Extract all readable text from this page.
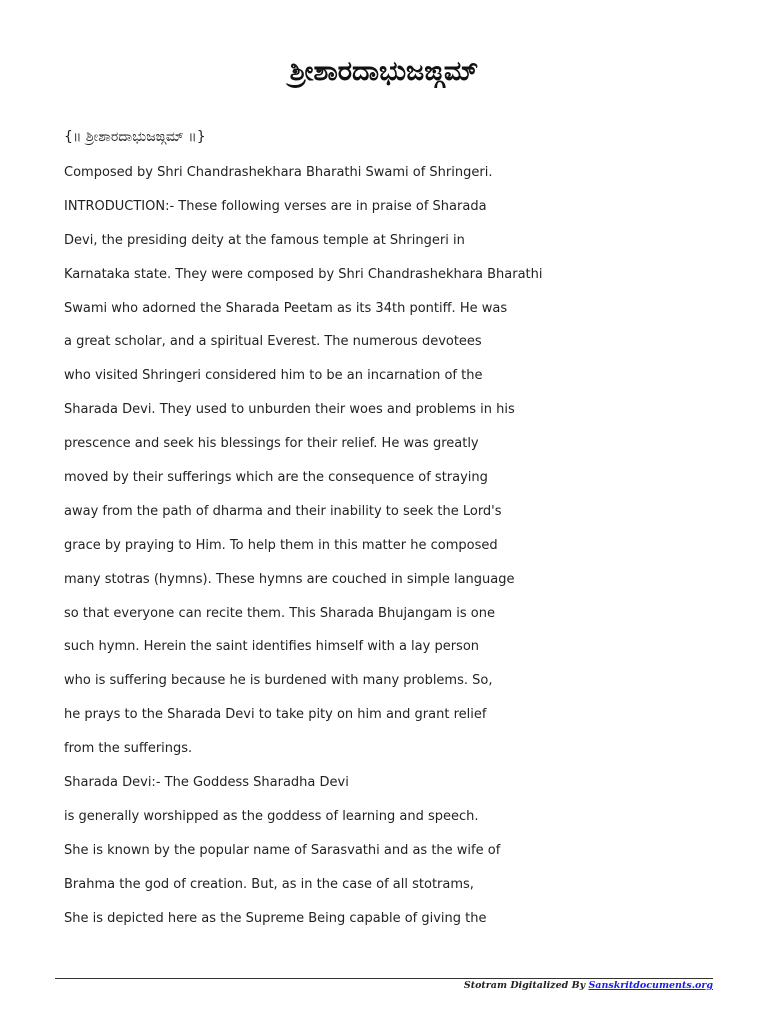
ಶ್ರೀಶಾರದಾಭುಜಙ್ಗಮ್
{॥ ಶ್ರೀಶಾರದಾಭುಜಙ್ಗಮ್ ॥}
Composed by Shri Chandrashekhara Bharathi Swami of Shringeri.
INTRODUCTION:- These following verses are in praise of Sharada
Devi, the presiding deity at the famous temple at Shringeri in
Karnataka state. They were composed by Shri Chandrashekhara Bharathi
Swami who adorned the Sharada Peetam as its 34th pontiff. He was
a great scholar, and a spiritual Everest. The numerous devotees
who visited Shringeri considered him to be an incarnation of the
Sharada Devi. They used to unburden their woes and problems in his
prescence and seek his blessings for their relief. He was greatly
moved by their sufferings which are the consequence of straying
away from the path of dharma and their inability to seek the Lord's
grace by praying to Him. To help them in this matter he composed
many stotras (hymns). These hymns are couched in simple language
so that everyone can recite them. This Sharada Bhujangam is one
such hymn. Herein the saint identifies himself with a lay person
who is suffering because he is burdened with many problems. So,
he prays to the Sharada Devi to take pity on him and grant relief
from the sufferings.
Sharada Devi:- The Goddess Sharadha Devi
is generally worshipped as the goddess of learning and speech.
She is known by the popular name of Sarasvathi and as the wife of
Brahma the god of creation. But, as in the case of all stotrams,
She is depicted here as the Supreme Being capable of giving the
Stotram Digitalized By Sanskritdocuments.org
